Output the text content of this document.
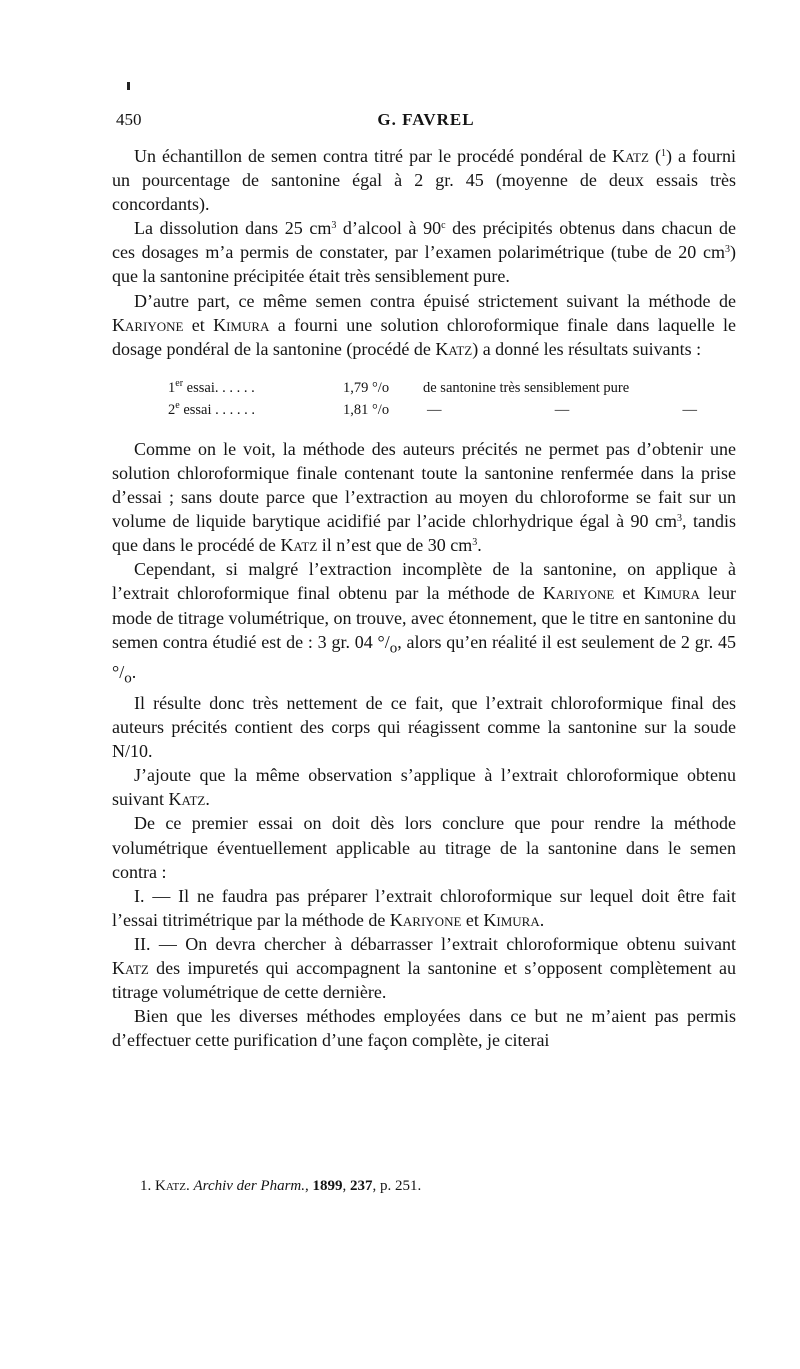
450	G. FAVREL

Un échantillon de semen contra titré par le procédé pondéral de Katz ($^1$) a fourni un pourcentage de santonine égal à 2 gr. 45 (moyenne de deux essais très concordants).

La dissolution dans 25 $cm^3$ d’alcool à 90$^c$ des précipités obtenus dans chacun de ces dosages m’a permis de constater, par l’examen polarimétrique (tube de 20 $cm^3$) que la santonine précipitée était très sensiblement pure.

D’autre part, ce même semen contra épuisé strictement suivant la méthode de Kariyone et Kimura a fourni une solution chloroformique finale dans laquelle le dosage pondéral de la santonine (procédé de Katz) a donné les résultats suivants :

1er essai. . . . . .	1,79 °/o	de santonine très sensiblement pure
2e essai . . . . . .	1,81 °/o	—	—	—

Comme on le voit, la méthode des auteurs précités ne permet pas d’obtenir une solution chloroformique finale contenant toute la santonine renfermée dans la prise d’essai ; sans doute parce que l’extraction au moyen du chloroforme se fait sur un volume de liquide barytique acidifié par l’acide chlorhydrique égal à 90 $cm^3$, tandis que dans le procédé de Katz il n’est que de 30 $cm^3$.

Cependant, si malgré l’extraction incomplète de la santonine, on applique à l’extrait chloroformique final obtenu par la méthode de Kariyone et Kimura leur mode de titrage volumétrique, on trouve, avec étonnement, que le titre en santonine du semen contra étudié est de : 3 gr. 04 $^\circ/_o$, alors qu’en réalité il est seulement de 2 gr. 45 $^\circ/_o$.

Il résulte donc très nettement de ce fait, que l’extrait chloroformique final des auteurs précités contient des corps qui réagissent comme la santonine sur la soude N/10.

J’ajoute que la même observation s’applique à l’extrait chloroformique obtenu suivant Katz.

De ce premier essai on doit dès lors conclure que pour rendre la méthode volumétrique éventuellement applicable au titrage de la santonine dans le semen contra :

I. — Il ne faudra pas préparer l’extrait chloroformique sur lequel doit être fait l’essai titrimétrique par la méthode de Kariyone et Kimura.

II. — On devra chercher à débarrasser l’extrait chloroformique obtenu suivant Katz des impuretés qui accompagnent la santonine et s’opposent complètement au titrage volumétrique de cette dernière.

Bien que les diverses méthodes employées dans ce but ne m’aient pas permis d’effectuer cette purification d’une façon complète, je citerai

1. Katz. Archiv der Pharm., 1899, 237, p. 251.
